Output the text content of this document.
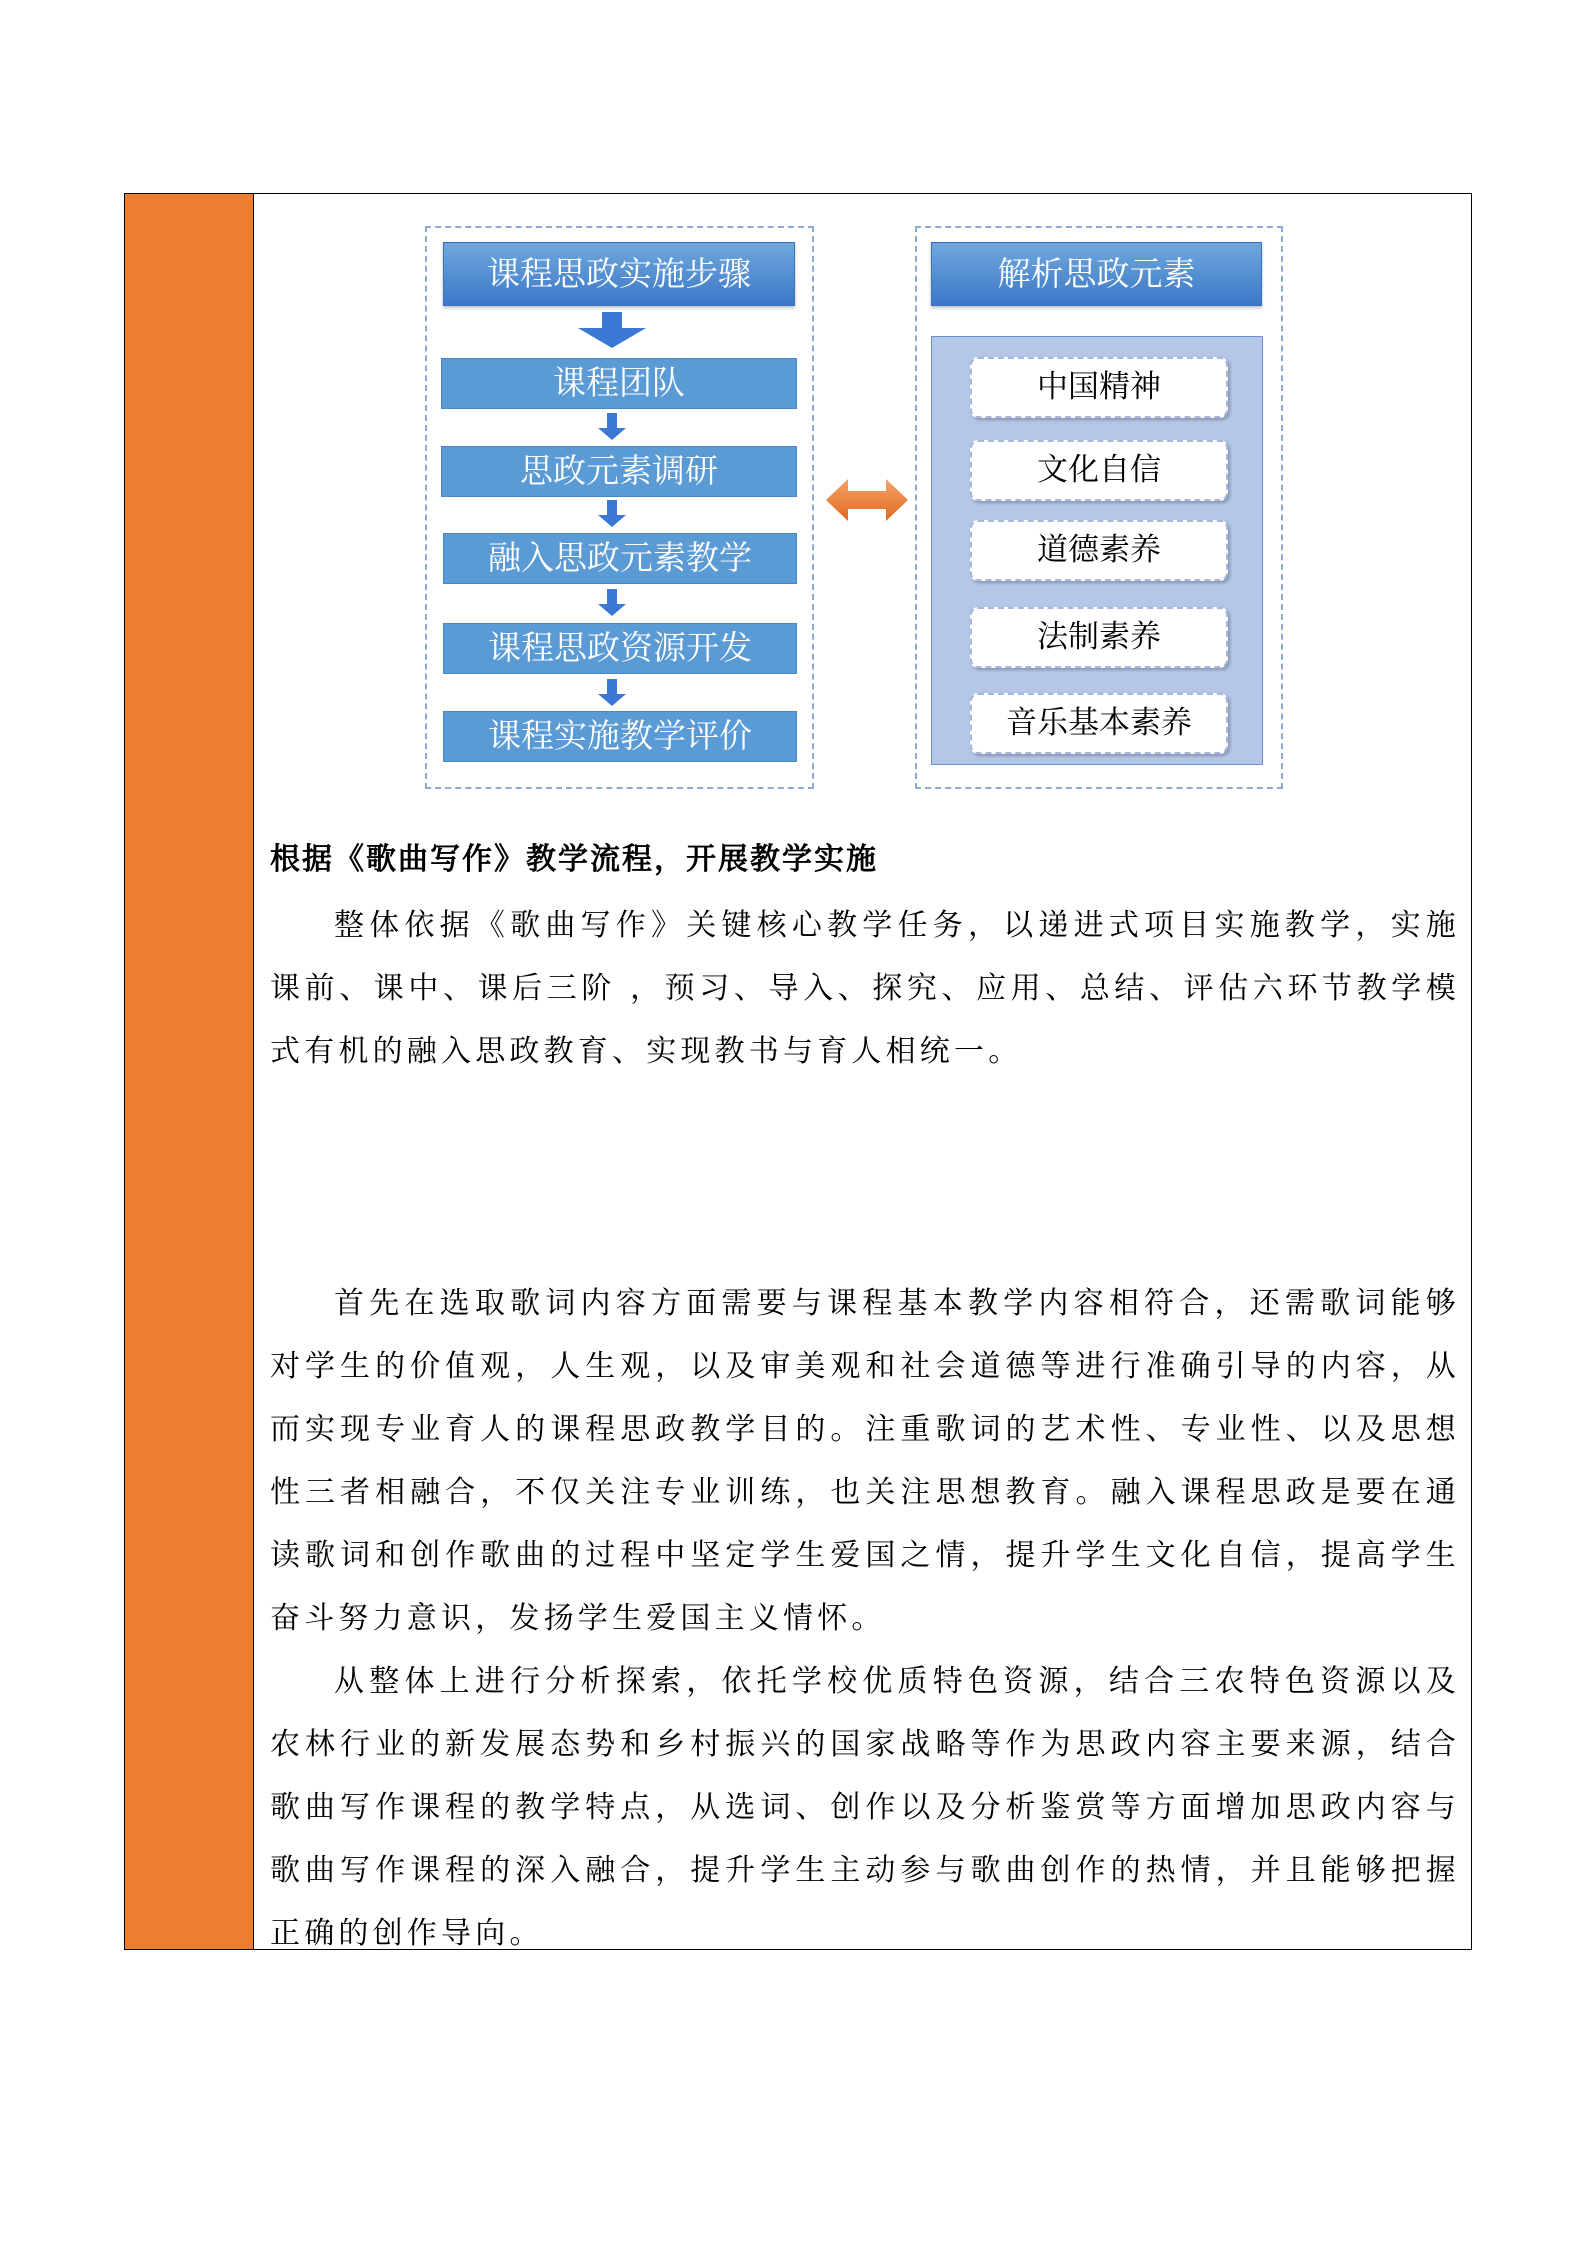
课程思政实施步骤
课程团队
思政元素调研
融入思政元素教学
课程思政资源开发
课程实施教学评价
解析思政元素
中国精神
文化自信
道德素养
法制素养
音乐基本素养
根据《歌曲写作》教学流程，开展教学实施
整体依据《歌曲写作》关键核心教学任务，以递进式项目实施教学，实施课前、课中、课后三阶 ，预习、导入、探究、应用、总结、评估六环节教学模式有机的融入思政教育、实现教书与育人相统一。
首先在选取歌词内容方面需要与课程基本教学内容相符合，还需歌词能够对学生的价值观，人生观，以及审美观和社会道德等进行准确引导的内容，从而实现专业育人的课程思政教学目的。注重歌词的艺术性、专业性、以及思想性三者相融合，不仅关注专业训练，也关注思想教育。融入课程思政是要在通读歌词和创作歌曲的过程中坚定学生爱国之情，提升学生文化自信，提高学生奋斗努力意识，发扬学生爱国主义情怀。
从整体上进行分析探索，依托学校优质特色资源，结合三农特色资源以及农林行业的新发展态势和乡村振兴的国家战略等作为思政内容主要来源，结合歌曲写作课程的教学特点，从选词、创作以及分析鉴赏等方面增加思政内容与歌曲写作课程的深入融合，提升学生主动参与歌曲创作的热情，并且能够把握正确的创作导向。
